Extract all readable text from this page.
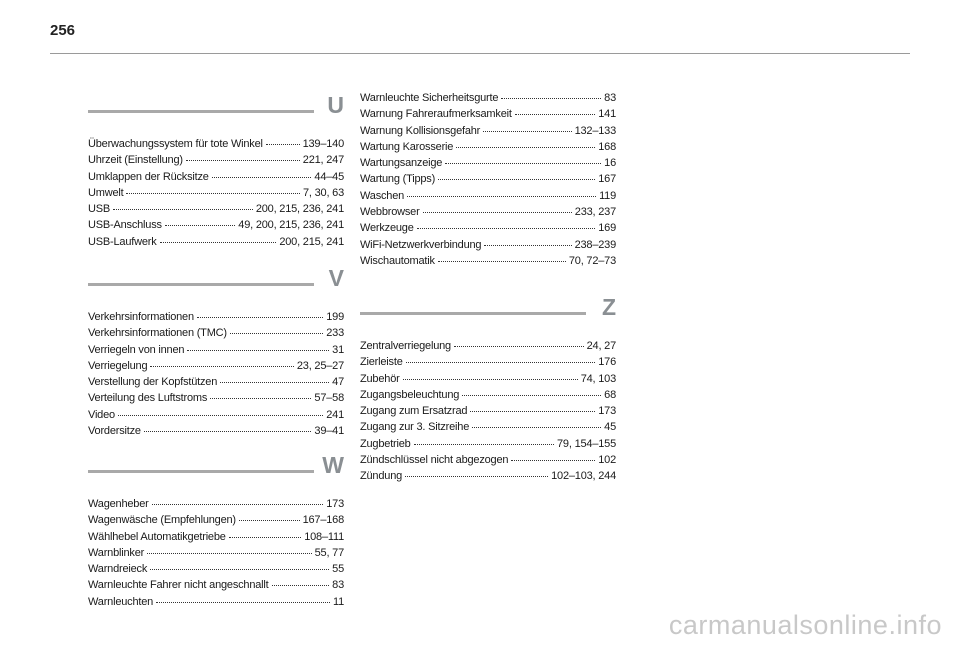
256
U
Überwachungssystem für tote Winkel	139–140
Uhrzeit (Einstellung)	221, 247
Umklappen der Rücksitze	44–45
Umwelt	7, 30, 63
USB	200, 215, 236, 241
USB-Anschluss	49, 200, 215, 236, 241
USB-Laufwerk	200, 215, 241
V
Verkehrsinformationen	199
Verkehrsinformationen (TMC)	233
Verriegeln von innen	31
Verriegelung	23, 25–27
Verstellung der Kopfstützen	47
Verteilung des Luftstroms	57–58
Video	241
Vordersitze	39–41
W
Wagenheber	173
Wagenwäsche (Empfehlungen)	167–168
Wählhebel Automatikgetriebe	108–111
Warnblinker	55, 77
Warndreieck	55
Warnleuchte Fahrer nicht angeschnallt	83
Warnleuchten	11
Warnleuchte Sicherheitsgurte	83
Warnung Fahreraufmerksamkeit	141
Warnung Kollisionsgefahr	132–133
Wartung Karosserie	168
Wartungsanzeige	16
Wartung (Tipps)	167
Waschen	119
Webbrowser	233, 237
Werkzeuge	169
WiFi-Netzwerkverbindung	238–239
Wischautomatik	70, 72–73
Z
Zentralverriegelung	24, 27
Zierleiste	176
Zubehör	74, 103
Zugangsbeleuchtung	68
Zugang zum Ersatzrad	173
Zugang zur 3. Sitzreihe	45
Zugbetrieb	79, 154–155
Zündschlüssel nicht abgezogen	102
Zündung	102–103, 244
carmanualsonline.info
